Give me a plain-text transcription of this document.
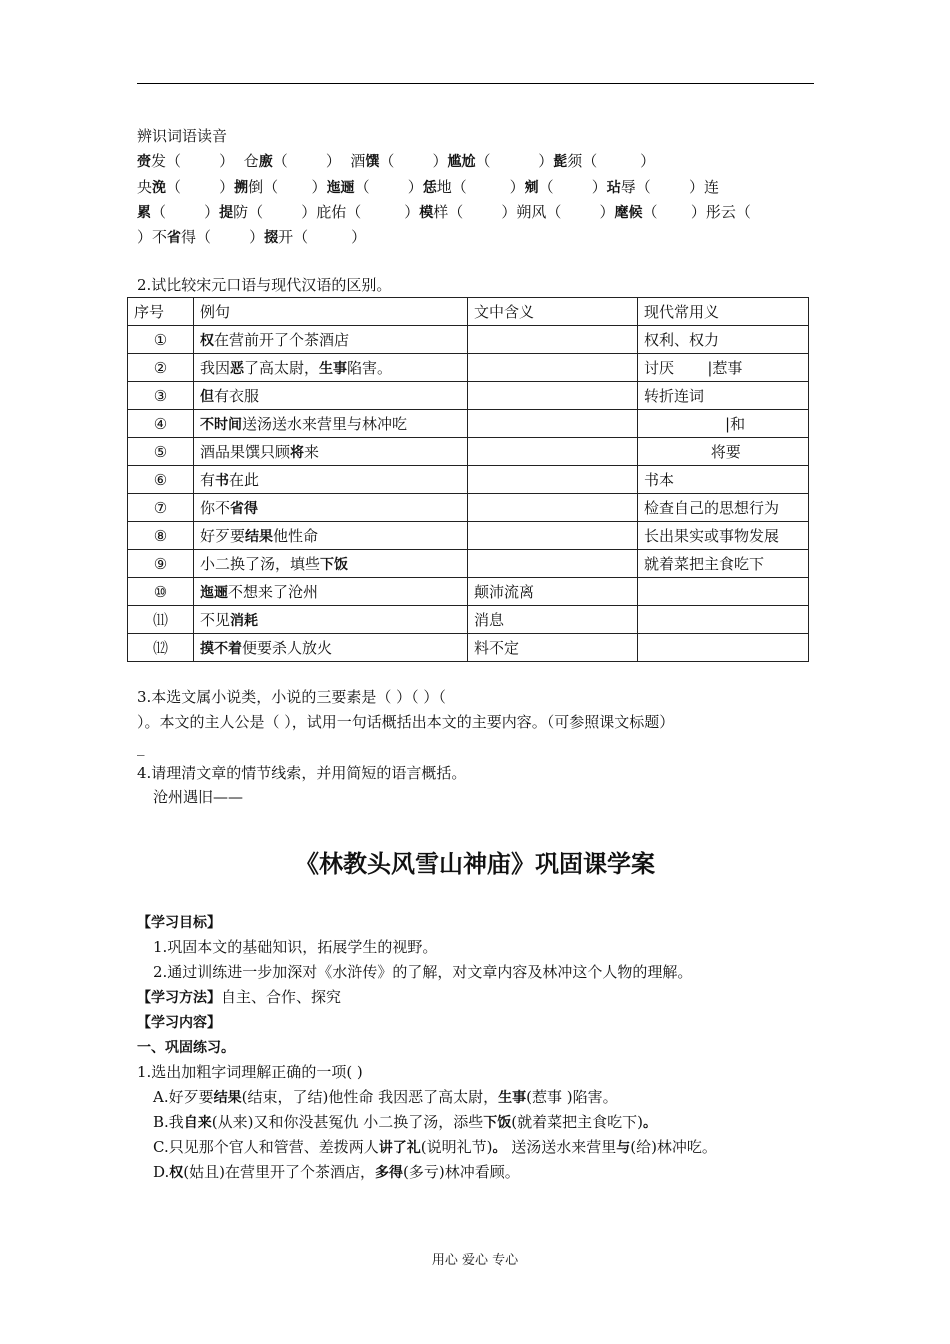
辨识词语读音
赍发（        ）  仓廒（        ）  酒馔（        ）尴尬（          ）髭须（         ）
央浼（        ）搠倒（       ）迤逦（        ）恁地（         ）剜（        ）玷辱（        ）连
累（        ）提防（        ）庇佑（         ）模样（        ）朔风（        ）麾候（       ）彤云（
）不省得（        ）掇开（         ）
2.试比较宋元口语与现代汉语的区别。
序号	例句	文中含义	现代常用义
①	权在营前开了个茶酒店		权利、权力
②	我因恶了高太尉，生事陷害。		讨厌       |惹事
③	但有衣服		转折连词
④	不时间送汤送水来营里与林冲吃		|和
⑤	酒品果馔只顾将来		将要
⑥	有书在此		书本
⑦	你不省得		检查自己的思想行为
⑧	好歹要结果他性命		长出果实或事物发展
⑨	小二换了汤，填些下饭		就着菜把主食吃下
⑩	迤逦不想来了沧州	颠沛流离	
⑾	不见消耗	消息	
⑿	摸不着便要杀人放火	料不定	
3.本选文属小说类，小说的三要素是（ ）（ ）（
）。本文的主人公是（ ），试用一句话概括出本文的主要内容。（可参照课文标题）
_
4.请理清文章的情节线索，并用简短的语言概括。
沧州遇旧——
《林教头风雪山神庙》巩固课学案
【学习目标】
1.巩固本文的基础知识，拓展学生的视野。
2.通过训练进一步加深对《水浒传》的了解，对文章内容及林冲这个人物的理解。
【学习方法】自主、合作、探究
【学习内容】
一、巩固练习。
1.选出加粗字词理解正确的一项( )
A.好歹要结果(结束，了结)他性命 我因恶了高太尉，生事(惹事 )陷害。
B.我自来(从来)又和你没甚冤仇 小二换了汤，添些下饭(就着菜把主食吃下)。
C.只见那个官人和管营、差拨两人讲了礼(说明礼节)。 送汤送水来营里与(给)林冲吃。
D.权(姑且)在营里开了个茶酒店，多得(多亏)林冲看顾。
用心 爱心 专心
